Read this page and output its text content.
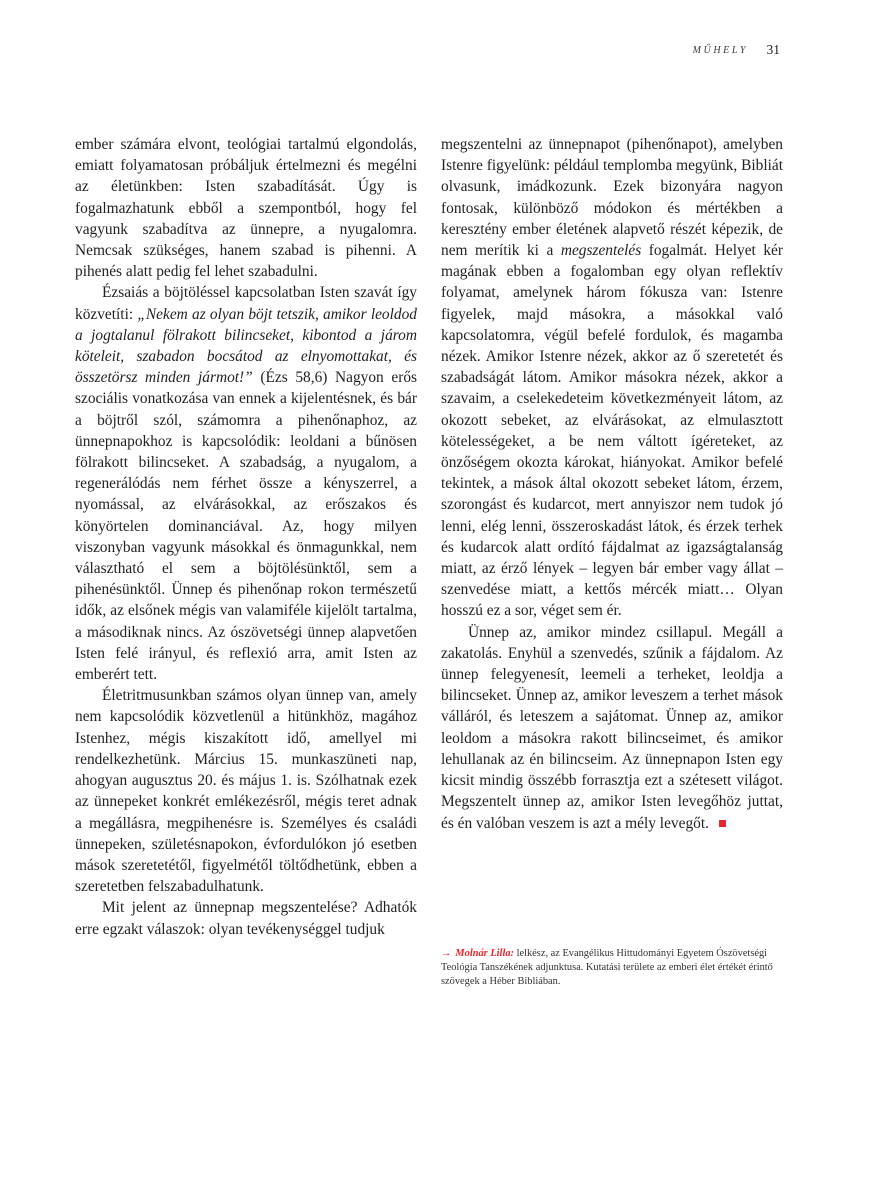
MŰHELY 31

ember számára elvont, teológiai tartalmú elgondolás, emiatt folyamatosan próbáljuk értelmezni és megélni az életünkben: Isten szabadítását. Úgy is fogalmazhatunk ebből a szempontból, hogy fel vagyunk szabadítva az ünnepre, a nyugalomra. Nemcsak szükséges, hanem szabad is pihenni. A pihenés alatt pedig fel lehet szabadulni.

Ézsaiás a böjtöléssel kapcsolatban Isten szavát így közvetíti: „Nekem az olyan böjt tetszik, amikor leoldod a jogtalanul fölrakott bilincseket, kibontod a járom köteleit, szabadon bocsátod az elnyomottakat, és összetörsz minden jármot!” (Ézs 58,6) Nagyon erős szociális vonatkozása van ennek a kijelentésnek, és bár a böjtről szól, számomra a pihenőnaphoz, az ünnepnapokhoz is kapcsolódik: leoldani a bűnösen fölrakott bilincseket. A szabadság, a nyugalom, a regenerálódás nem férhet össze a kényszerrel, a nyomással, az elvárásokkal, az erőszakos és könyörtelen dominanciával. Az, hogy milyen viszonyban vagyunk másokkal és önmagunkkal, nem választható el sem a böjtölésünktől, sem a pihenésünktől. Ünnep és pihenőnap rokon természetű idők, az elsőnek mégis van valamiféle kijelölt tartalma, a másodiknak nincs. Az ószövetségi ünnep alapvetően Isten felé irányul, és reflexió arra, amit Isten az emberért tett.

Életritmusunkban számos olyan ünnep van, amely nem kapcsolódik közvetlenül a hitünkhöz, magához Istenhez, mégis kiszakított idő, amellyel mi rendelkezhetünk. Március 15. munkaszüneti nap, ahogyan augusztus 20. és május 1. is. Szólhatnak ezek az ünnepeket konkrét emlékezésről, mégis teret adnak a megállásra, megpihenésre is. Személyes és családi ünnepeken, születésnapokon, évfordulókon jó esetben mások szeretetétől, figyelmétől töltődhetünk, ebben a szeretetben felszabadulhatunk.

Mit jelent az ünnepnap megszentelése? Adhatók erre egzakt válaszok: olyan tevékenységgel tudjuk

megszentelni az ünnepnapot (pihenőnapot), amelyben Istenre figyelünk: például templomba megyünk, Bibliát olvasunk, imádkozunk. Ezek bizonyára nagyon fontosak, különböző módokon és mértékben a keresztény ember életének alapvető részét képezik, de nem merítik ki a megszentelés fogalmát. Helyet kér magának ebben a fogalomban egy olyan reflektív folyamat, amelynek három fókusza van: Istenre figyelek, majd másokra, a másokkal való kapcsolatomra, végül befelé fordulok, és magamba nézek. Amikor Istenre nézek, akkor az ő szeretetét és szabadságát látom. Amikor másokra nézek, akkor a szavaim, a cselekedeteim következményeit látom, az okozott sebeket, az elvárásokat, az elmulasztott kötelességeket, a be nem váltott ígéreteket, az önzőségem okozta károkat, hiányokat. Amikor befelé tekintek, a mások által okozott sebeket látom, érzem, szorongást és kudarcot, mert annyiszor nem tudok jó lenni, elég lenni, összeroskadást látok, és érzek terhek és kudarcok alatt ordító fájdalmat az igazságtalanság miatt, az érző lények – legyen bár ember vagy állat – szenvedése miatt, a kettős mércék miatt… Olyan hosszú ez a sor, véget sem ér.

Ünnep az, amikor mindez csillapul. Megáll a zakatolás. Enyhül a szenvedés, szűnik a fájdalom. Az ünnep felegyenesít, leemeli a terheket, leoldja a bilincseket. Ünnep az, amikor leveszem a terhet mások válláról, és leteszem a sajátomat. Ünnep az, amikor leoldom a másokra rakott bilincseimet, és amikor lehullanak az én bilincseim. Az ünnepnapon Isten egy kicsit mindig összébb forrasztja ezt a szétesett világot. Megszentelt ünnep az, amikor Isten levegőhöz juttat, és én valóban veszem is azt a mély levegőt.

→ Molnár Lilla: lelkész, az Evangélikus Hittudományi Egyetem Ószövetségi Teológia Tanszékének adjunktusa. Kutatási területe az emberi élet értékét érintő szövegek a Héber Bibliában.
